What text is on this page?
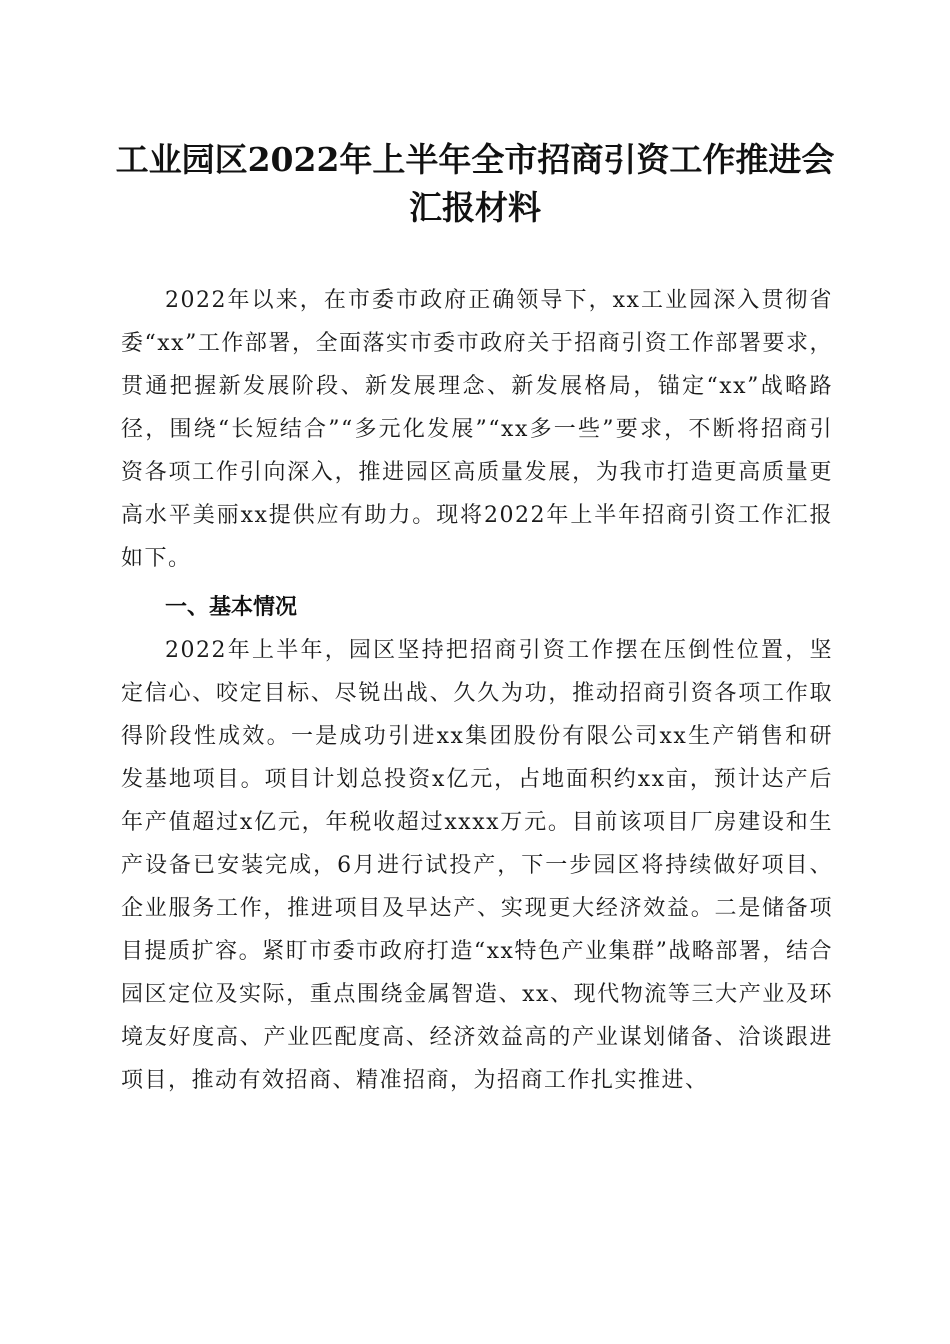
工业园区2022年上半年全市招商引资工作推进会汇报材料

2022年以来，在市委市政府正确领导下，xx工业园深入贯彻省委“xx”工作部署，全面落实市委市政府关于招商引资工作部署要求，贯通把握新发展阶段、新发展理念、新发展格局，锚定“xx”战略路径，围绕“长短结合”“多元化发展”“xx多一些”要求，不断将招商引资各项工作引向深入，推进园区高质量发展，为我市打造更高质量更高水平美丽xx提供应有助力。现将2022年上半年招商引资工作汇报如下。

一、基本情况

2022年上半年，园区坚持把招商引资工作摆在压倒性位置，坚定信心、咬定目标、尽锐出战、久久为功，推动招商引资各项工作取得阶段性成效。一是成功引进xx集团股份有限公司xx生产销售和研发基地项目。项目计划总投资x亿元，占地面积约xx亩，预计达产后年产值超过x亿元，年税收超过xxxx万元。目前该项目厂房建设和生产设备已安装完成，6月进行试投产，下一步园区将持续做好项目、企业服务工作，推进项目及早达产、实现更大经济效益。二是储备项目提质扩容。紧盯市委市政府打造“xx特色产业集群”战略部署，结合园区定位及实际，重点围绕金属智造、xx、现代物流等三大产业及环境友好度高、产业匹配度高、经济效益高的产业谋划储备、洽谈跟进项目，推动有效招商、精准招商，为招商工作扎实推进、
